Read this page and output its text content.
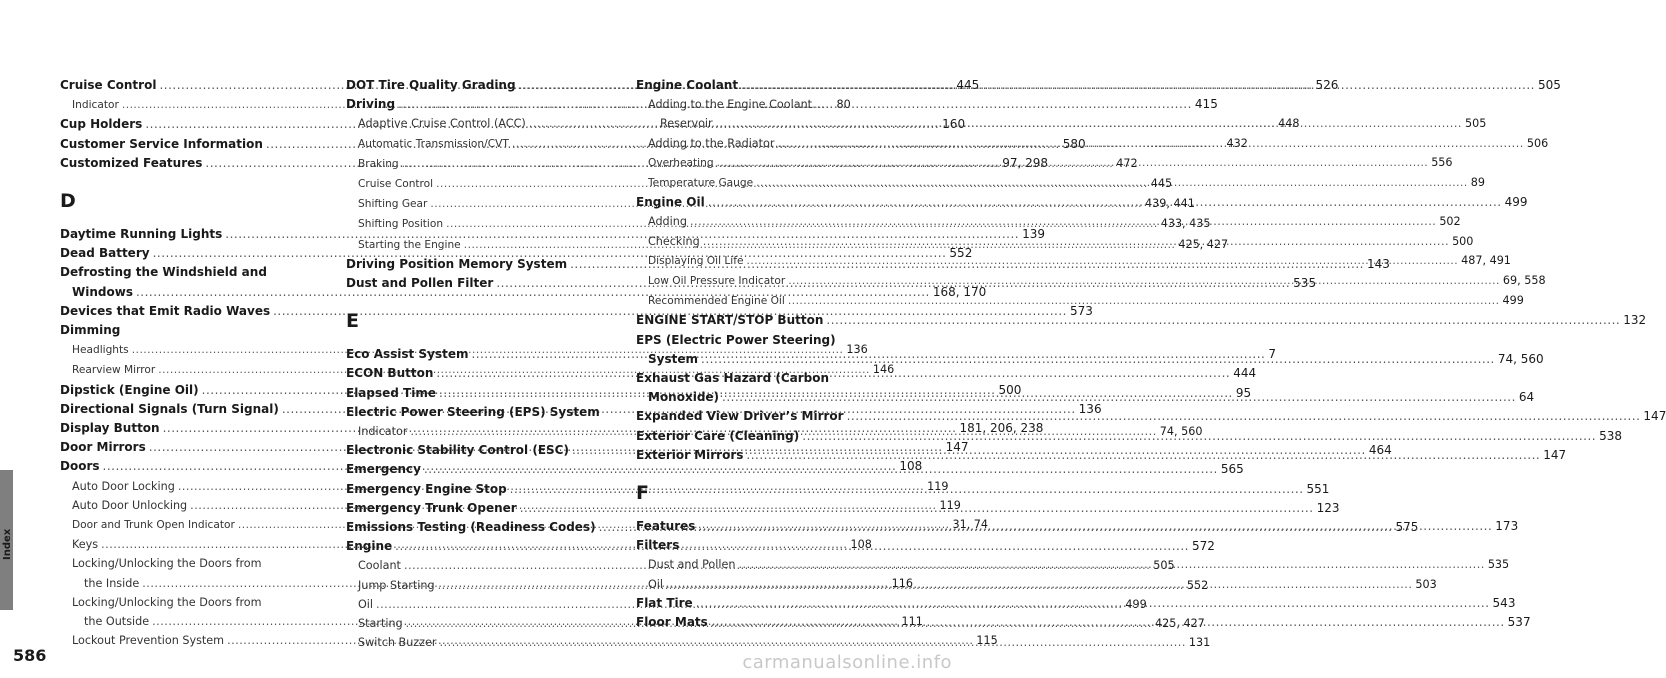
Index
586	carmanualsonline.info
Cruise Control .....	445
Indicator .....	80
Cup Holders .....	160
Customer Service Information .....	580
Customized Features .....	97, 298
D
Daytime Running Lights .....	139
Dead Battery .....	552
Defrosting the Windshield and
Windows .....	168, 170
Devices that Emit Radio Waves .....	573
Dimming
Headlights .....	136
Rearview Mirror .....	146
Dipstick (Engine Oil) .....	500
Directional Signals (Turn Signal) .....	136
Display Button .....	181, 206, 238
Door Mirrors .....	147
Doors .....	108
Auto Door Locking .....	119
Auto Door Unlocking .....	119
Door and Trunk Open Indicator .....	31, 74
Keys .....	108
Locking/Unlocking the Doors from
the Inside .....	116
Locking/Unlocking the Doors from
the Outside .....	111
Lockout Prevention System .....	115
DOT Tire Quality Grading .....	526
Driving .....	415
Adaptive Cruise Control (ACC) .....	448
Automatic Transmission/CVT .....	432
Braking .....	472
Cruise Control .....	445
Shifting Gear .....	439, 441
Shifting Position .....	433, 435
Starting the Engine .....	425, 427
Driving Position Memory System .....	143
Dust and Pollen Filter .....	535
E
Eco Assist System .....	7
ECON Button .....	444
Elapsed Time .....	95
Electric Power Steering (EPS) System
Indicator .....	74, 560
Electronic Stability Control (ESC) .....	464
Emergency .....	565
Emergency Engine Stop .....	551
Emergency Trunk Opener .....	123
Emissions Testing (Readiness Codes) .....	575
Engine .....	572
Coolant .....	505
Jump Starting .....	552
Oil .....	499
Starting .....	425, 427
Switch Buzzer .....	131
Engine Coolant .....	505
Adding to the Engine Coolant
Reservoir .....	505
Adding to the Radiator .....	506
Overheating .....	556
Temperature Gauge .....	89
Engine Oil .....	499
Adding .....	502
Checking .....	500
Displaying Oil Life .....	487, 491
Low Oil Pressure Indicator .....	69, 558
Recommended Engine Oil .....	499
ENGINE START/STOP Button .....	132
EPS (Electric Power Steering)
System .....	74, 560
Exhaust Gas Hazard (Carbon
Monoxide) .....	64
Expanded View Driver’s Mirror .....	147
Exterior Care (Cleaning) .....	538
Exterior Mirrors .....	147
F
Features .....	173
Filters
Dust and Pollen .....	535
Oil .....	503
Flat Tire .....	543
Floor Mats .....	537
